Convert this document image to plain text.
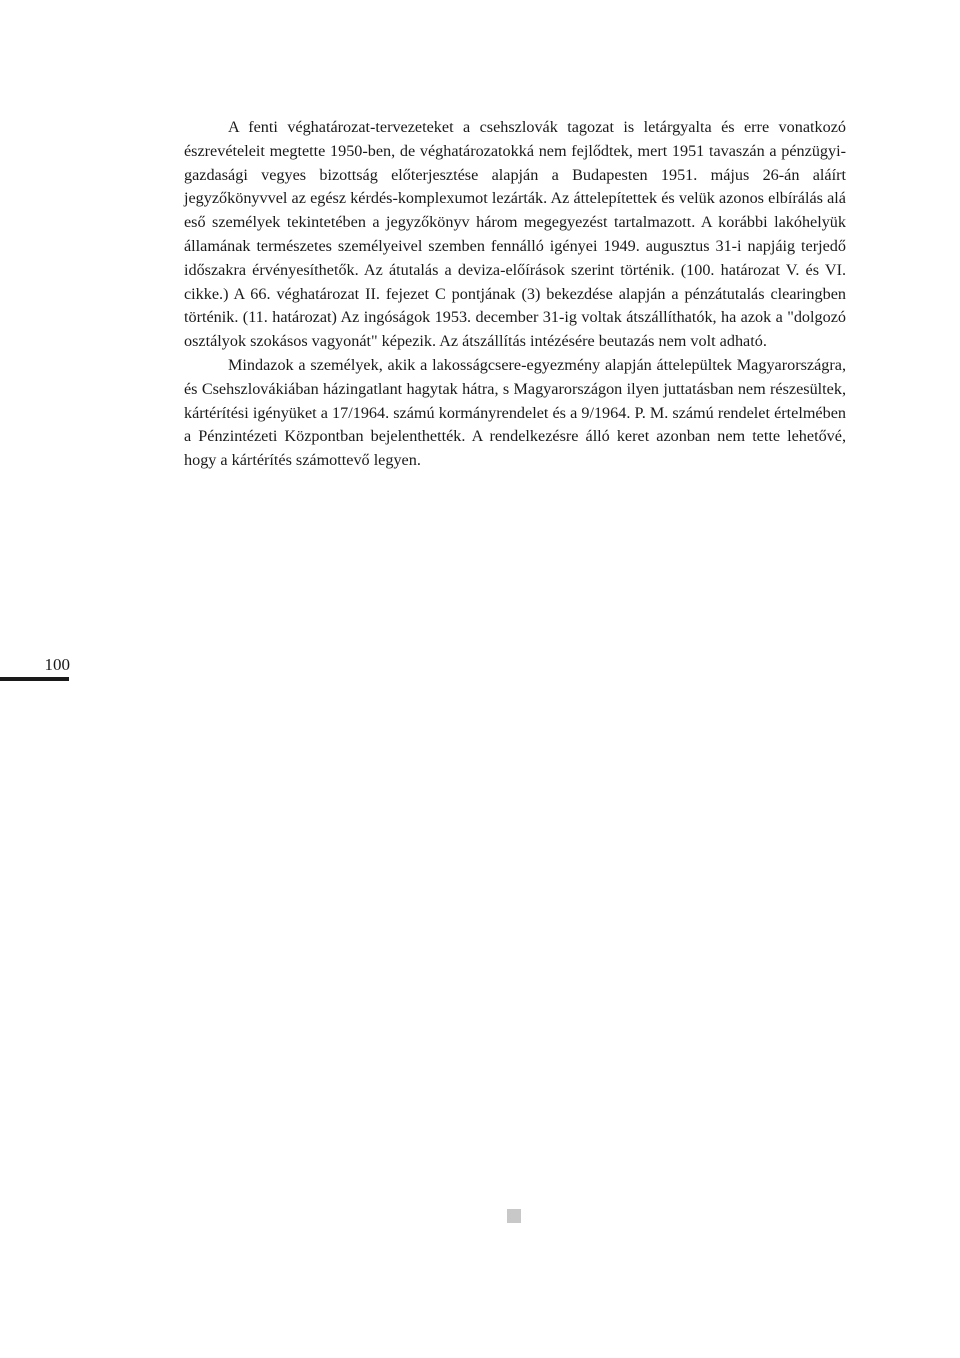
A fenti véghatározat-tervezeteket a csehszlovák tagozat is letárgyalta és erre vonatkozó észrevételeit megtette 1950-ben, de véghatározatokká nem fejlődtek, mert 1951 tavaszán a pénzügyi-gazdasági vegyes bizottság előterjesztése alapján a Budapesten 1951. május 26-án aláírt jegyzőkönyvvel az egész kérdés-komplexumot lezárták. Az áttelepítettek és velük azonos elbírálás alá eső személyek tekintetében a jegyzőkönyv három megegyezést tartalmazott. A korábbi lakóhelyük államának természetes személyeivel szemben fennálló igényei 1949. augusztus 31-i napjáig terjedő időszakra érvényesíthetők. Az átutalás a deviza-előírások szerint történik. (100. határozat V. és VI. cikke.) A 66. véghatározat II. fejezet C pontjának (3) bekezdése alapján a pénzátutalás clearingben történik. (11. határozat) Az ingóságok 1953. december 31-ig voltak átszállíthatók, ha azok a "dolgozó osztályok szokásos vagyonát" képezik. Az átszállítás intézésére beutazás nem volt adható.

Mindazok a személyek, akik a lakosságcsere-egyezmény alapján áttelepültek Magyarországra, és Csehszlovákiában házingatlant hagytak hátra, s Magyarországon ilyen juttatásban nem részesültek, kártérítési igényüket a 17/1964. számú kormányrendelet és a 9/1964. P. M. számú rendelet értelmében a Pénzintézeti Központban bejelenthették. A rendelkezésre álló keret azonban nem tette lehetővé, hogy a kártérítés számottevő legyen.

100
